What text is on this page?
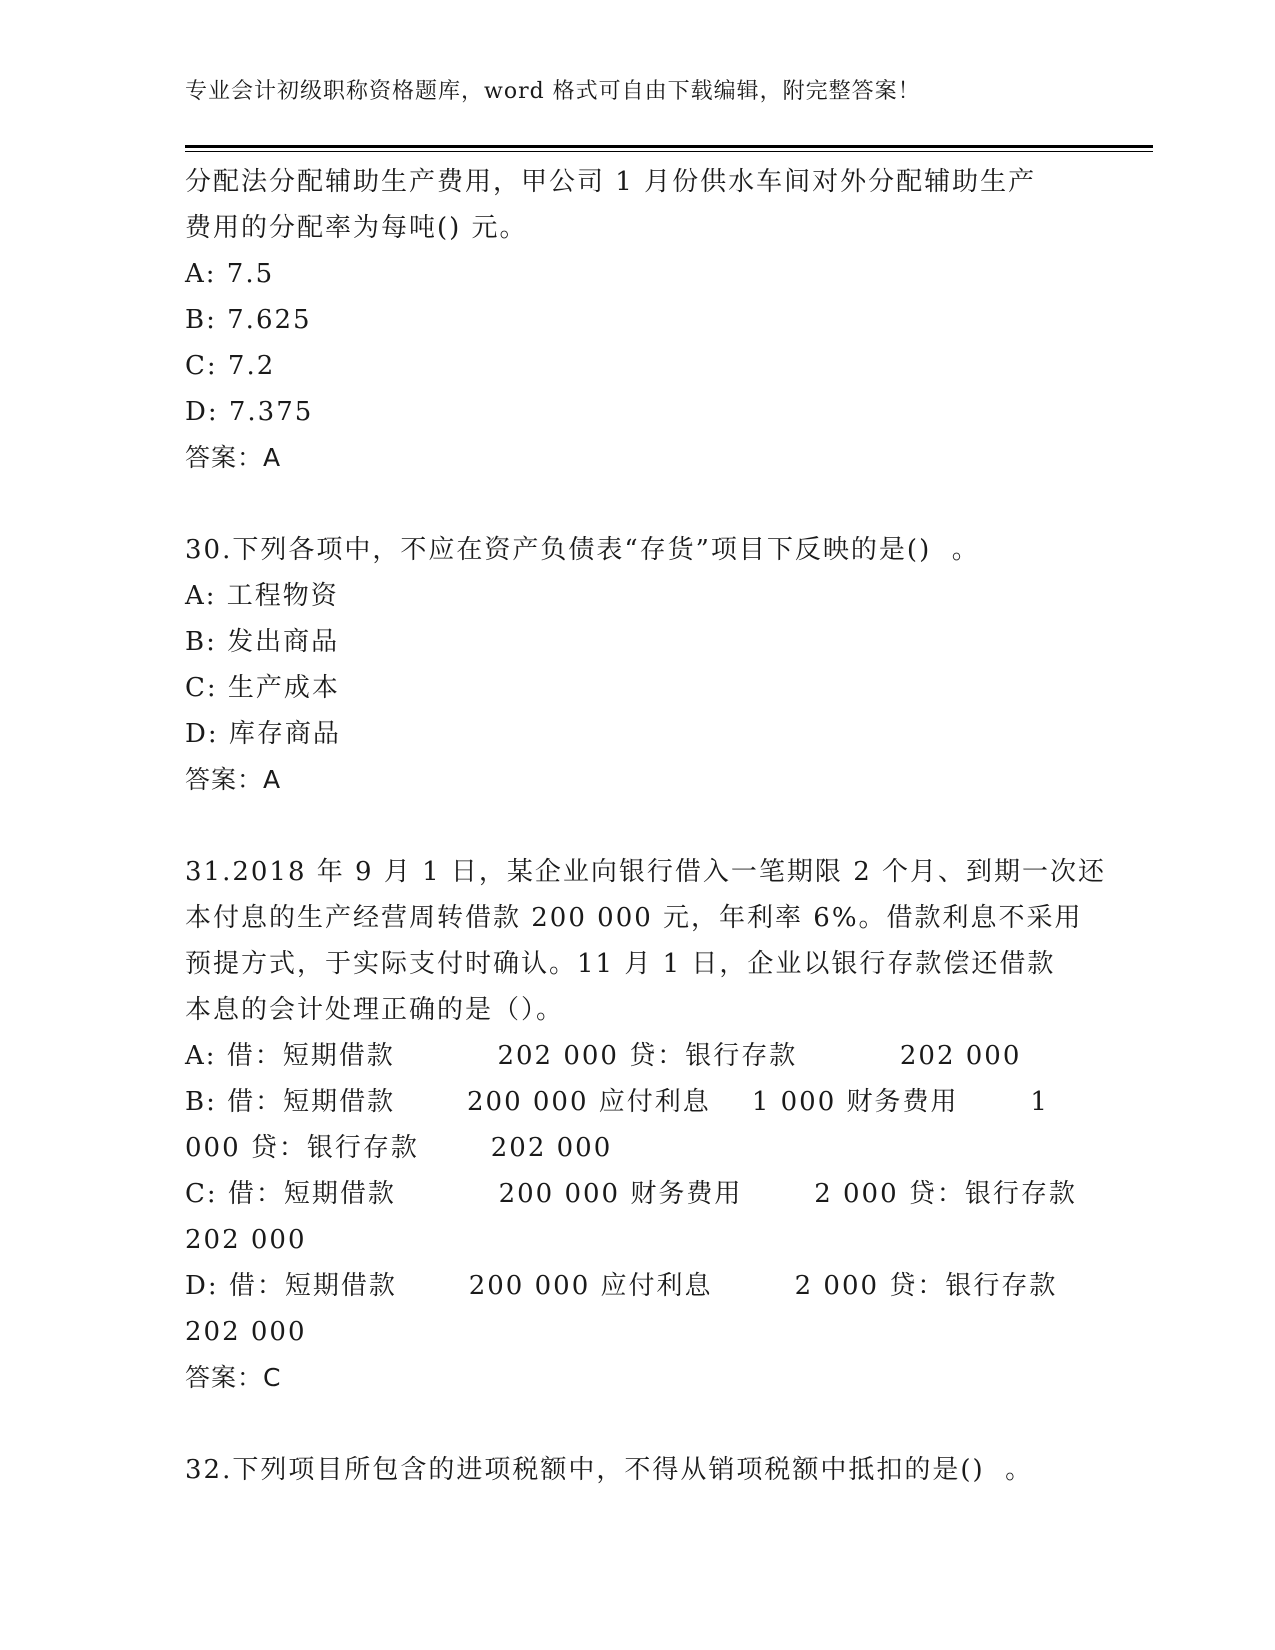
专业会计初级职称资格题库，word 格式可自由下载编辑，附完整答案！
分配法分配辅助生产费用，甲公司 1 月份供水车间对外分配辅助生产
费用的分配率为每吨() 元。
A: 7.5
B: 7.625
C: 7.2
D: 7.375
答案：A
30.下列各项中，不应在资产负债表“存货”项目下反映的是()  。
A: 工程物资
B: 发出商品
C: 生产成本
D: 库存商品
答案：A
31.2018 年 9 月 1 日，某企业向银行借入一笔期限 2 个月、到期一次还
本付息的生产经营周转借款 200 000 元，年利率 6%。借款利息不采用
预提方式，于实际支付时确认。11 月 1 日，企业以银行存款偿还借款
本息的会计处理正确的是（）。
A: 借：短期借款          202 000 贷：银行存款          202 000
B: 借：短期借款       200 000 应付利息    1 000 财务费用       1
000 贷：银行存款       202 000
C: 借：短期借款          200 000 财务费用       2 000 贷：银行存款
202 000
D: 借：短期借款       200 000 应付利息        2 000 贷：银行存款
202 000
答案：C
32.下列项目所包含的进项税额中，不得从销项税额中抵扣的是()  。
